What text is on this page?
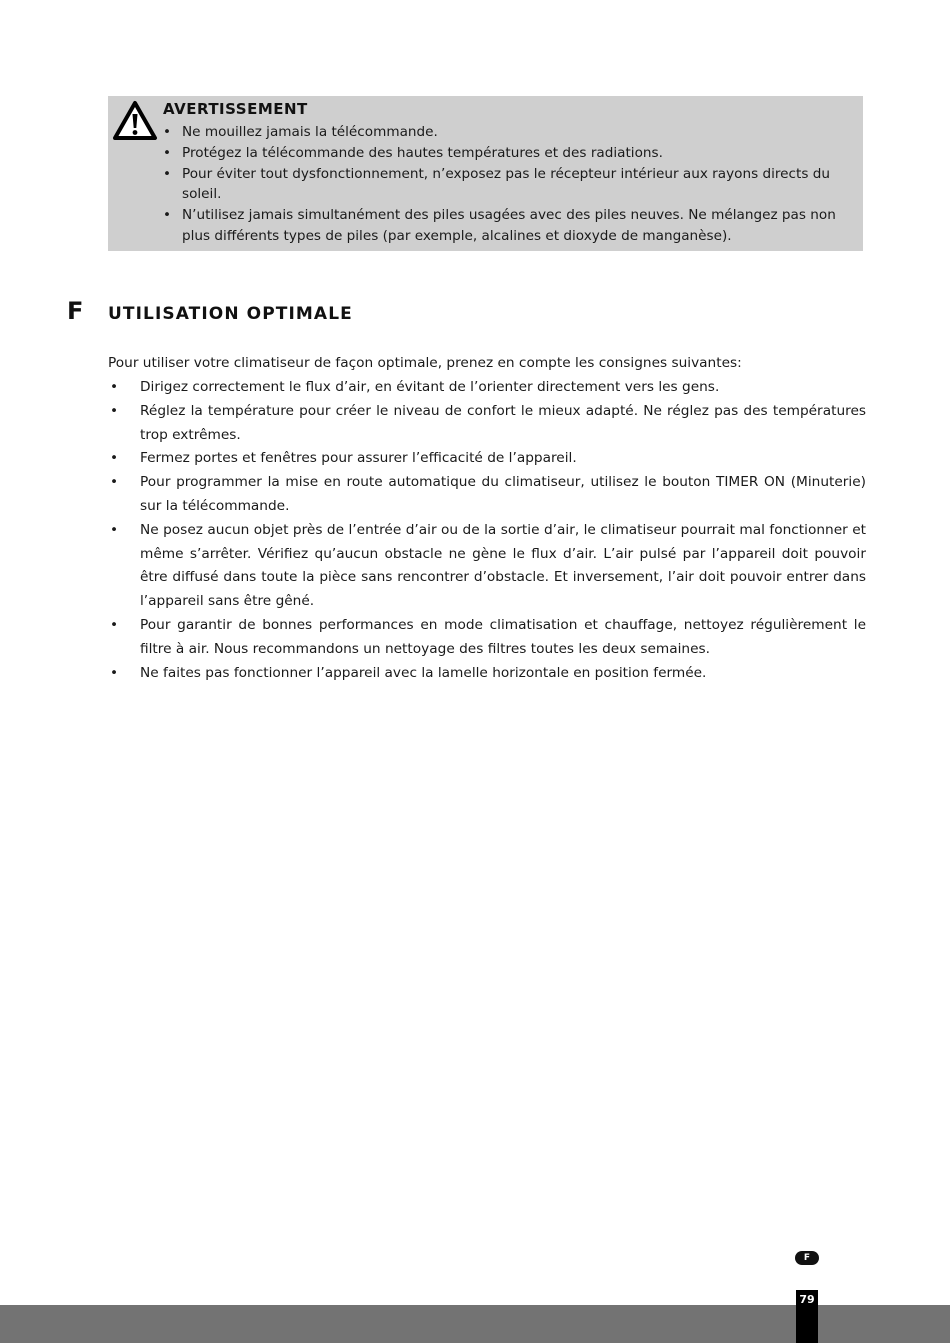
AVERTISSEMENT
• Ne mouillez jamais la télécommande.
• Protégez la télécommande des hautes températures et des radiations.
• Pour éviter tout dysfonctionnement, n’exposez pas le récepteur intérieur aux rayons directs du soleil.
• N’utilisez jamais simultanément des piles usagées avec des piles neuves. Ne mélangez pas non plus différents types de piles (par exemple, alcalines et dioxyde de manganèse).
F UTILISATION OPTIMALE
Pour utiliser votre climatiseur de façon optimale, prenez en compte les consignes suivantes:
• Dirigez correctement le flux d’air, en évitant de l’orienter directement vers les gens.
• Réglez la température pour créer le niveau de confort le mieux adapté. Ne réglez pas des températures trop extrêmes.
• Fermez portes et fenêtres pour assurer l’efficacité de l’appareil.
• Pour programmer la mise en route automatique du climatiseur, utilisez le bouton TIMER ON (Minuterie) sur la télécommande.
• Ne posez aucun objet près de l’entrée d’air ou de la sortie d’air, le climatiseur pourrait mal fonctionner et même s’arrêter. Vérifiez qu’aucun obstacle ne gène le flux d’air. L’air pulsé par l’appareil doit pouvoir être diffusé dans toute la pièce sans rencontrer d’obstacle. Et inversement, l’air doit pouvoir entrer dans l’appareil sans être gêné.
• Pour garantir de bonnes performances en mode climatisation et chauffage, nettoyez régulièrement le filtre à air. Nous recommandons un nettoyage des filtres toutes les deux semaines.
• Ne faites pas fonctionner l’appareil avec la lamelle horizontale en position fermée.
F
79
